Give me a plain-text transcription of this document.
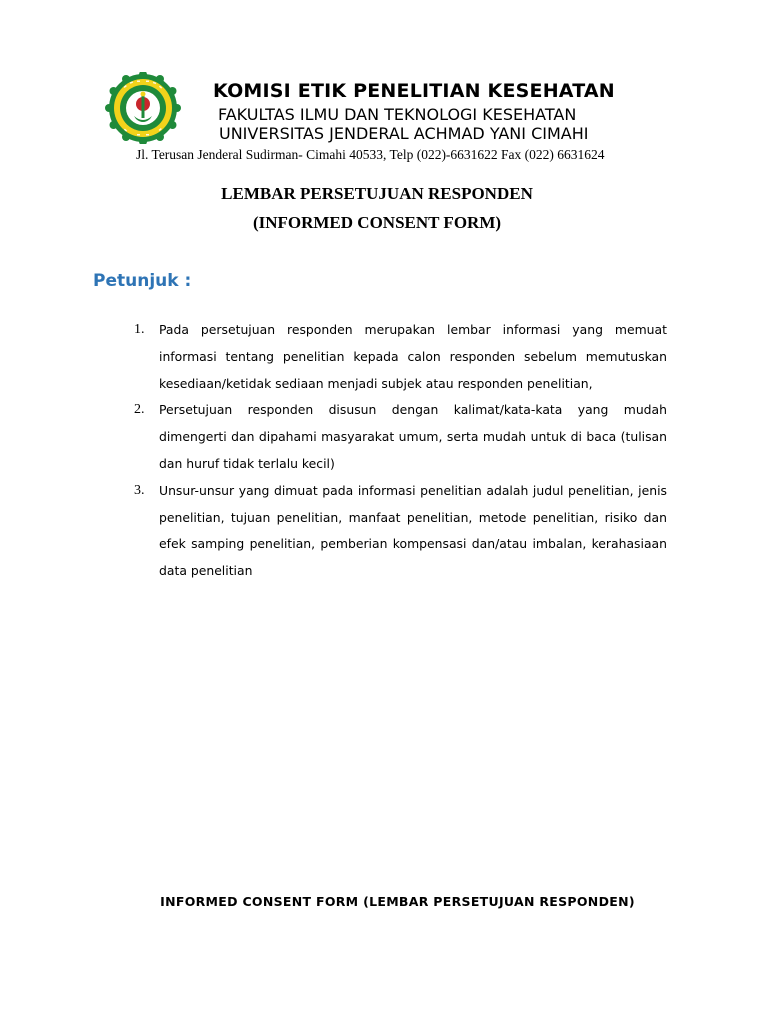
KOMISI ETIK PENELITIAN KESEHATAN
FAKULTAS ILMU DAN TEKNOLOGI KESEHATAN
UNIVERSITAS JENDERAL ACHMAD YANI CIMAHI
Jl. Terusan Jenderal Sudirman- Cimahi 40533, Telp (022)-6631622 Fax (022) 6631624
LEMBAR PERSETUJUAN RESPONDEN
(INFORMED CONSENT FORM)
Petunjuk :
1. Pada persetujuan responden merupakan lembar informasi yang memuat informasi tentang penelitian kepada calon responden sebelum memutuskan kesediaan/ketidak sediaan menjadi subjek atau responden penelitian,
2. Persetujuan responden disusun dengan kalimat/kata-kata yang mudah dimengerti dan dipahami masyarakat umum, serta mudah untuk di baca (tulisan dan huruf tidak terlalu kecil)
3. Unsur-unsur yang dimuat pada informasi penelitian adalah judul penelitian, jenis penelitian, tujuan penelitian, manfaat penelitian, metode penelitian, risiko dan efek samping penelitian, pemberian kompensasi dan/atau imbalan, kerahasiaan data penelitian
INFORMED CONSENT FORM (LEMBAR PERSETUJUAN RESPONDEN)
